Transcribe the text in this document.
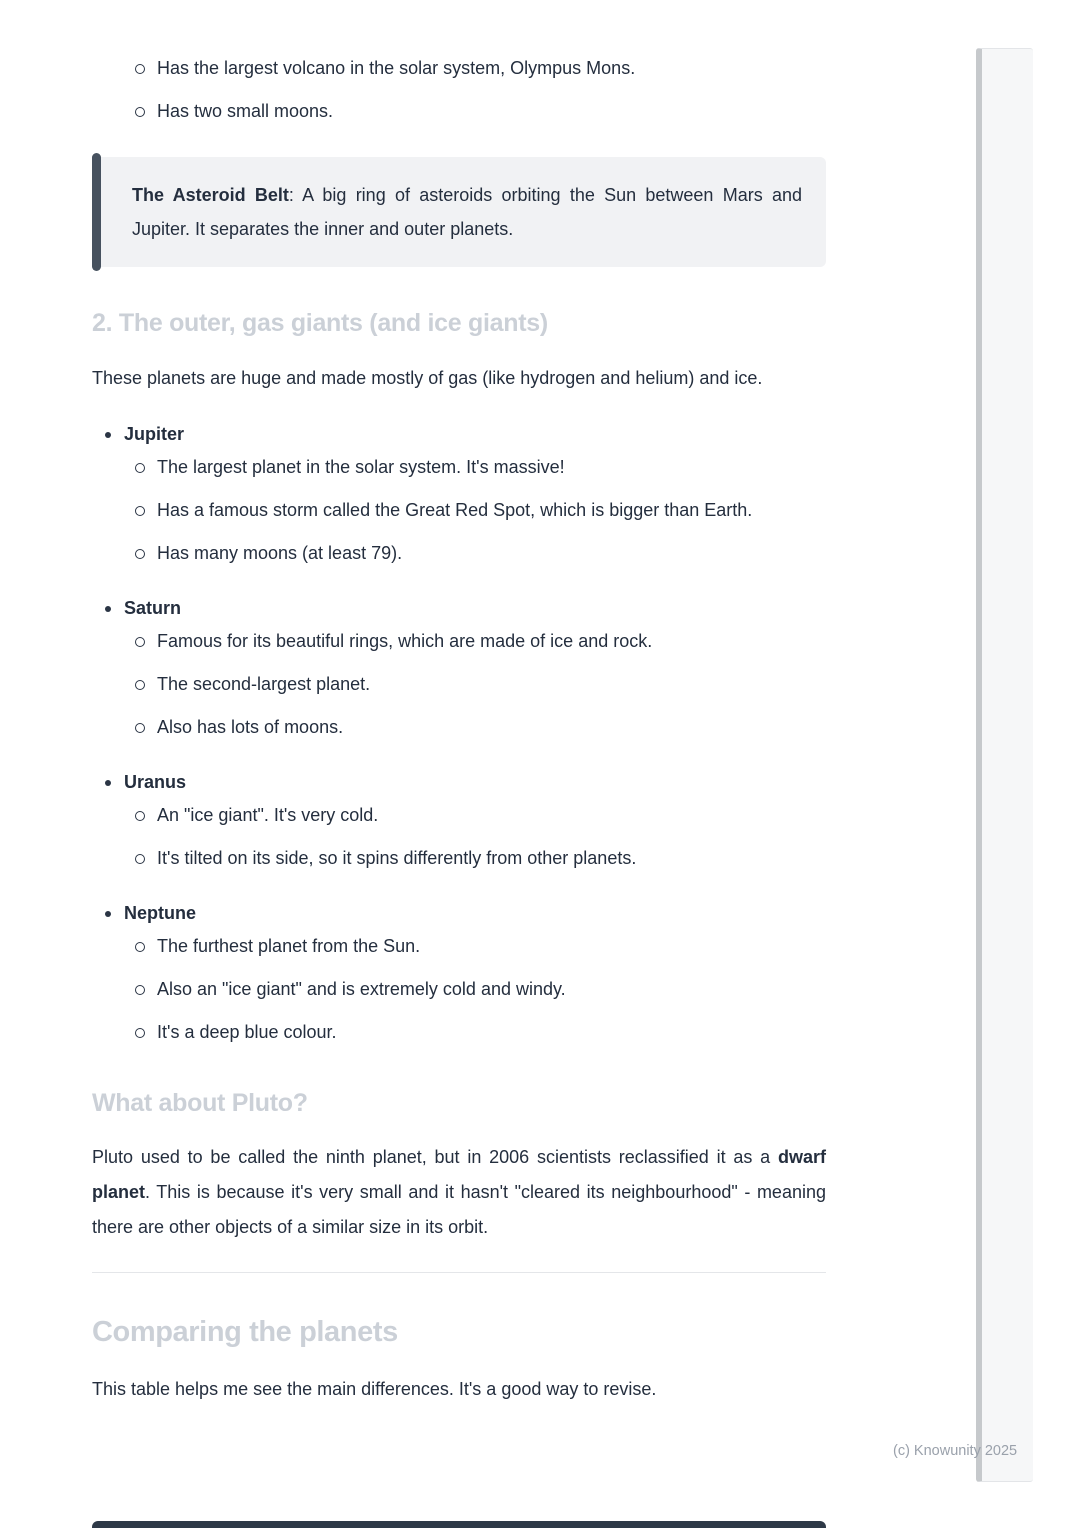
Has the largest volcano in the solar system, Olympus Mons.
Has two small moons.

The Asteroid Belt: A big ring of asteroids orbiting the Sun between Mars and Jupiter. It separates the inner and outer planets.

2. The outer, gas giants (and ice giants)

These planets are huge and made mostly of gas (like hydrogen and helium) and ice.

Jupiter
The largest planet in the solar system. It's massive!
Has a famous storm called the Great Red Spot, which is bigger than Earth.
Has many moons (at least 79).
Saturn
Famous for its beautiful rings, which are made of ice and rock.
The second-largest planet.
Also has lots of moons.
Uranus
An "ice giant". It's very cold.
It's tilted on its side, so it spins differently from other planets.
Neptune
The furthest planet from the Sun.
Also an "ice giant" and is extremely cold and windy.
It's a deep blue colour.
What about Pluto?

Pluto used to be called the ninth planet, but in 2006 scientists reclassified it as a dwarf planet. This is because it's very small and it hasn't "cleared its neighbourhood" - meaning there are other objects of a similar size in its orbit.

Comparing the planets

This table helps me see the main differences. It's a good way to revise.

(c) Knowunity 2025
